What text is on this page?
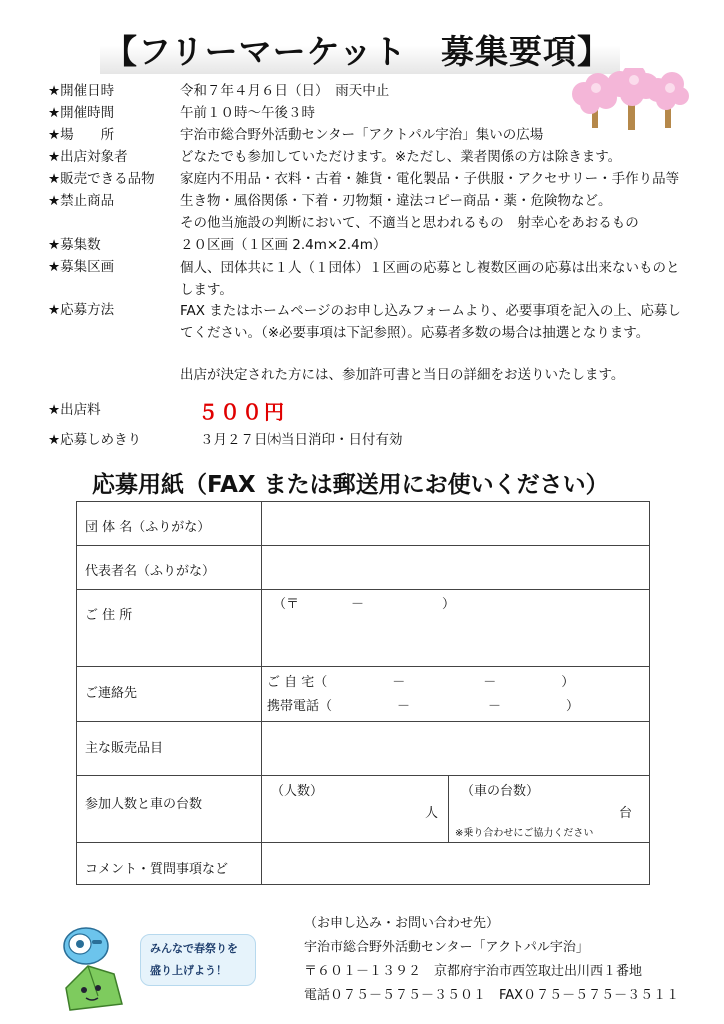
【フリーマーケット　募集要項】
★開催日時	令和７年４月６日（日）　雨天中止
★開催時間	午前１０時～午後３時
★場　　所	宇治市総合野外活動センター「アクトパル宇治」集いの広場
★出店対象者	どなたでも参加していただけます。※ただし、業者関係の方は除きます。
★販売できる品物 家庭内不用品・衣料・古着・雑貨・電化製品・子供服・アクセサリー・手作り品等
★禁止商品	生き物・風俗関係・下着・刃物類・違法コピー商品・薬・危険物など。
その他当施設の判断において、不適当と思われるもの　射幸心をあおるもの
★募集数	２０区画（１区画 2.4m×2.4m）
★募集区画	個人、団体共に１人（１団体）１区画の応募とし複数区画の応募は出来ないものとします。
★応募方法	FAX またはホームページのお申し込みフォームより、必要事項を記入の上、応募してください。（※必要事項は下記参照）。応募者多数の場合は抽選となります。
出店が決定された方には、参加許可書と当日の詳細をお送りいたします。
★出店料	５００円
★応募しめきり	３月２７日㈭当日消印・日付有効
応募用紙（FAX または郵送用にお使いください）
団 体 名（ふりがな）
代表者名（ふりがな）
ご 住 所
（〒　　　　－　　　　　　）
ご連絡先
ご 自 宅（　　　　　－　　　　　　－　　　　　）
携帯電話（　　　　　－　　　　　　－　　　　　）
主な販売品目
参加人数と車の台数
（人数）
人
（車の台数）
台
※乗り合わせにご協力ください
コメント・質問事項など
みんなで春祭りを
盛り上げよう！
（お申し込み・お問い合わせ先）
宇治市総合野外活動センター「アクトパル宇治」
〒６０１－１３９２　京都府宇治市西笠取辻出川西１番地
電話０７５－５７５－３５０１　FAX０７５－５７５－３５１１
